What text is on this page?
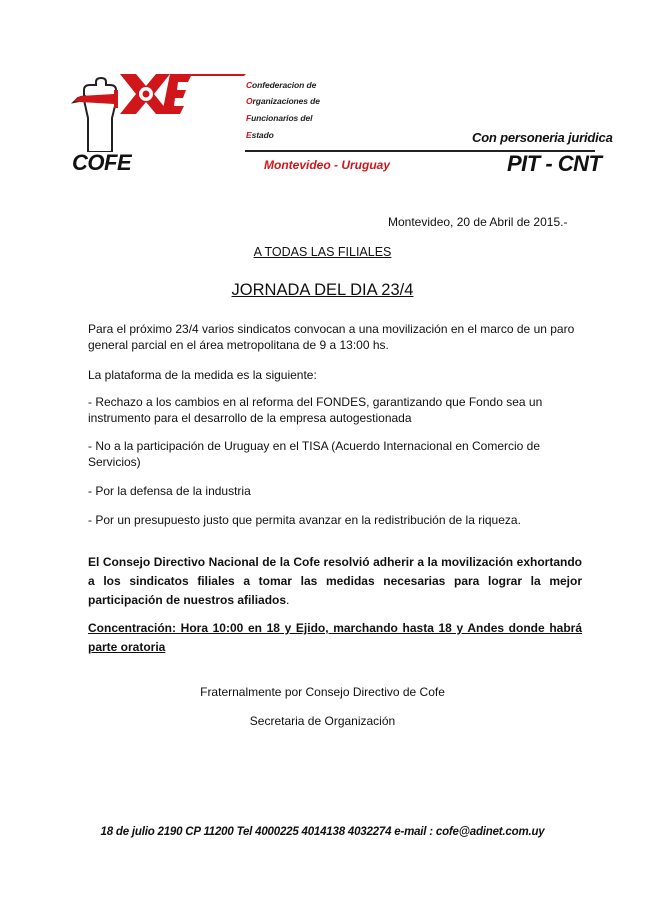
Confederacion de
Organizaciones de
Funcionarios del
Estado
COFE
Con personeria juridica
Montevideo - Uruguay	PIT - CNT
Montevideo, 20 de Abril de 2015.-
A TODAS LAS FILIALES
JORNADA DEL DIA 23/4
Para el próximo 23/4 varios sindicatos convocan a una movilización en el marco de un paro general parcial en el área metropolitana de 9 a 13:00 hs.
La plataforma de la medida es la siguiente:
- Rechazo a los cambios en al reforma del FONDES, garantizando que Fondo sea un instrumento para el desarrollo de la empresa autogestionada
- No a la participación de Uruguay en el TISA (Acuerdo Internacional en Comercio de Servicios)
- Por la defensa de la industria
- Por un presupuesto justo que permita avanzar en la redistribución de la riqueza.
El Consejo Directivo Nacional de la Cofe resolvió adherir a la movilización exhortando a los sindicatos filiales a tomar las medidas necesarias para lograr la mejor participación de nuestros afiliados.
Concentración: Hora 10:00 en 18 y Ejido, marchando hasta 18 y Andes donde habrá parte oratoria
Fraternalmente por Consejo Directivo de Cofe
Secretaria de Organización
18 de julio 2190 CP 11200 Tel 4000225 4014138 4032274 e-mail : cofe@adinet.com.uy
